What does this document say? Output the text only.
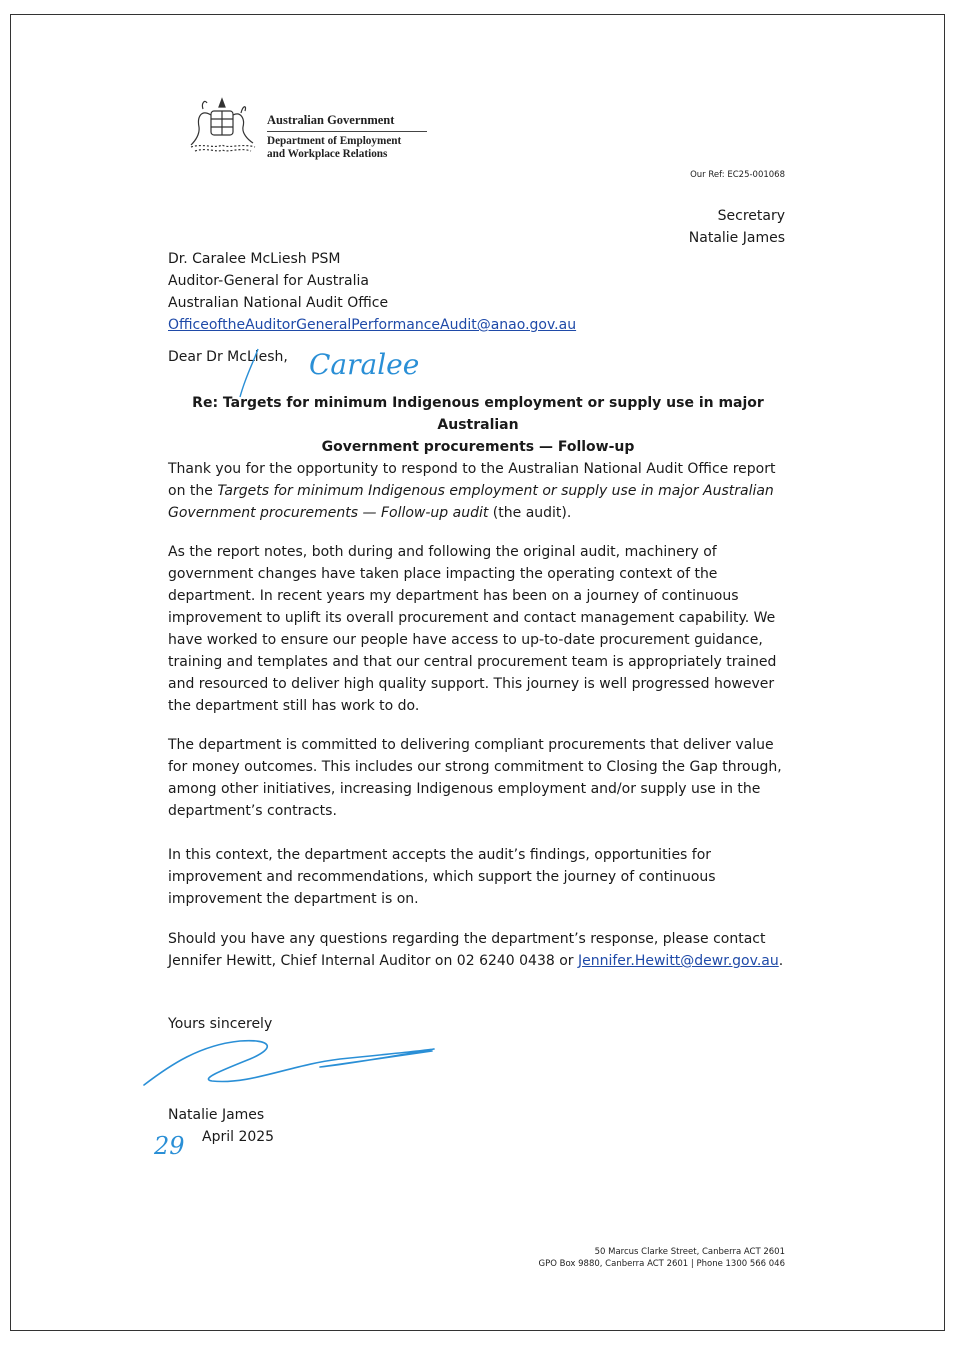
Australian Government
Department of Employment
and Workplace Relations
Our Ref: EC25-001068
Secretary
Natalie James
Dr. Caralee McLiesh PSM
Auditor-General for Australia
Australian National Audit Office
OfficeoftheAuditorGeneralPerformanceAudit@anao.gov.au
Dear Dr McLiesh, Caralee
Re: Targets for minimum Indigenous employment or supply use in major Australian
Government procurements — Follow-up

Thank you for the opportunity to respond to the Australian National Audit Office report on the Targets for minimum Indigenous employment or supply use in major Australian Government procurements — Follow-up audit (the audit).

As the report notes, both during and following the original audit, machinery of government changes have taken place impacting the operating context of the department. In recent years my department has been on a journey of continuous improvement to uplift its overall procurement and contact management capability. We have worked to ensure our people have access to up-to-date procurement guidance, training and templates and that our central procurement team is appropriately trained and resourced to deliver high quality support. This journey is well progressed however the department still has work to do.

The department is committed to delivering compliant procurements that deliver value for money outcomes. This includes our strong commitment to Closing the Gap through, among other initiatives, increasing Indigenous employment and/or supply use in the department’s contracts.

In this context, the department accepts the audit’s findings, opportunities for improvement and recommendations, which support the journey of continuous improvement the department is on.

Should you have any questions regarding the department’s response, please contact Jennifer Hewitt, Chief Internal Auditor on 02 6240 0438 or Jennifer.Hewitt@dewr.gov.au.

Yours sincerely
Natalie James
April 2025
29
50 Marcus Clarke Street, Canberra ACT 2601
GPO Box 9880, Canberra ACT 2601 | Phone 1300 566 046
